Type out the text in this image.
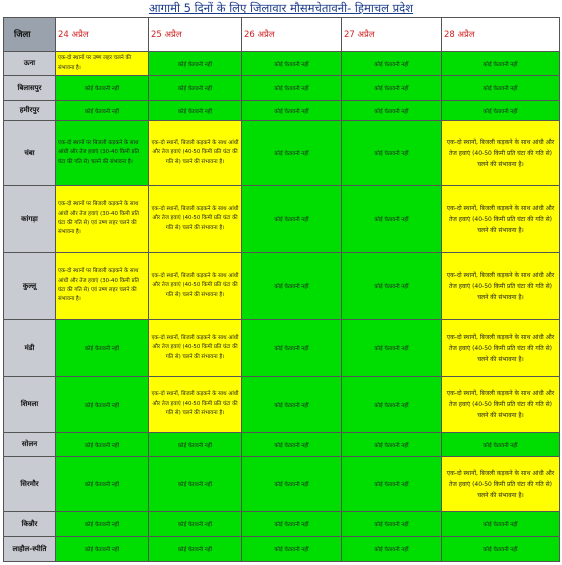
आगामी 5 दिनों के लिए जिलावार मौसमचेतावनी- हिमाचल प्रदेश
जिला	24 अप्रैल	25 अप्रैल	26 अप्रैल	27 अप्रैल	28 अप्रैल
ऊना	एक-दो स्थानों पर उष्ण लहर चलने की संभावना है।	कोई चेतावनी नहीं	कोई चेतावनी नहीं	कोई चेतावनी नहीं	कोई चेतावनी नहीं
बिलासपुर	कोई चेतावनी नहीं	कोई चेतावनी नहीं	कोई चेतावनी नहीं	कोई चेतावनी नहीं	कोई चेतावनी नहीं
हमीरपुर	कोई चेतावनी नहीं	कोई चेतावनी नहीं	कोई चेतावनी नहीं	कोई चेतावनी नहीं	कोई चेतावनी नहीं
चंबा	एक-दो स्थानों पर बिजली कड़कने के साथ आंधी और तेज हवाएं (30-40 किमी प्रति घंटा की गति से) चलने की संभावना है।	एक-दो स्थानों, बिजली कड़कने के साथ आंधी और तेज हवाएं (40-50 किमी प्रति घंटा की गति से) चलने की संभावना है।	कोई चेतावनी नहीं	कोई चेतावनी नहीं	एक-दो स्थानों, बिजली कड़कने के साथ आंधी और तेज हवाएं (40-50 किमी प्रति घंटा की गति से) चलने की संभावना है।
कांगड़ा	एक-दो स्थानों पर बिजली कड़कने के साथ आंधी और तेज हवाएं (30-40 किमी प्रति घंटा की गति से) एवं उष्ण लहर चलने की संभावना है।	एक-दो स्थानों, बिजली कड़कने के साथ आंधी और तेज हवाएं (40-50 किमी प्रति घंटा की गति से) चलने की संभावना है।	कोई चेतावनी नहीं	कोई चेतावनी नहीं	एक-दो स्थानों, बिजली कड़कने के साथ आंधी और तेज हवाएं (40-50 किमी प्रति घंटा की गति से) चलने की संभावना है।
कुल्लू	एक-दो स्थानों पर बिजली कड़कने के साथ आंधी और तेज हवाएं (30-40 किमी प्रति घंटा की गति से) एवं उष्ण लहर चलने की संभावना है।	एक-दो स्थानों, बिजली कड़कने के साथ आंधी और तेज हवाएं (40-50 किमी प्रति घंटा की गति से) चलने की संभावना है।	कोई चेतावनी नहीं	कोई चेतावनी नहीं	एक-दो स्थानों, बिजली कड़कने के साथ आंधी और तेज हवाएं (40-50 किमी प्रति घंटा की गति से) चलने की संभावना है।
मंडी	कोई चेतावनी नहीं	एक-दो स्थानों, बिजली कड़कने के साथ आंधी और तेज हवाएं (40-50 किमी प्रति घंटा की गति से) चलने की संभावना है।	कोई चेतावनी नहीं	कोई चेतावनी नहीं	एक-दो स्थानों, बिजली कड़कने के साथ आंधी और तेज हवाएं (40-50 किमी प्रति घंटा की गति से) चलने की संभावना है।
शिमला	कोई चेतावनी नहीं	एक-दो स्थानों, बिजली कड़कने के साथ आंधी और तेज हवाएं (40-50 किमी प्रति घंटा की गति से) चलने की संभावना है।	कोई चेतावनी नहीं	कोई चेतावनी नहीं	एक-दो स्थानों, बिजली कड़कने के साथ आंधी और तेज हवाएं (40-50 किमी प्रति घंटा की गति से) चलने की संभावना है।
सोलन	कोई चेतावनी नहीं	कोई चेतावनी नहीं	कोई चेतावनी नहीं	कोई चेतावनी नहीं	कोई चेतावनी नहीं
सिरमौर	कोई चेतावनी नहीं	कोई चेतावनी नहीं	कोई चेतावनी नहीं	कोई चेतावनी नहीं	एक-दो स्थानों, बिजली कड़कने के साथ आंधी और तेज हवाएं (40-50 किमी प्रति घंटा की गति से) चलने की संभावना है।
किन्नौर	कोई चेतावनी नहीं	कोई चेतावनी नहीं	कोई चेतावनी नहीं	कोई चेतावनी नहीं	कोई चेतावनी नहीं
लाहौल-स्पीति	कोई चेतावनी नहीं	कोई चेतावनी नहीं	कोई चेतावनी नहीं	कोई चेतावनी नहीं	कोई चेतावनी नहीं
